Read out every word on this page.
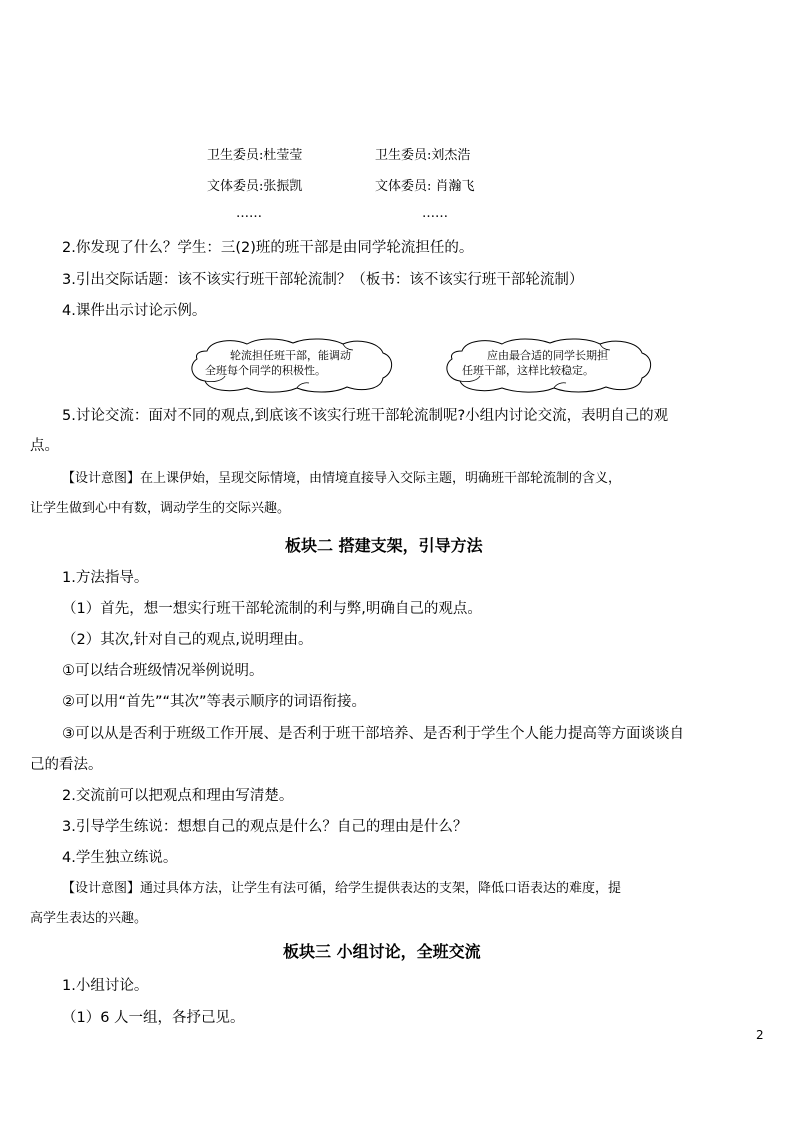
卫生委员:杜莹莹	卫生委员:刘杰浩
文体委员:张振凯	文体委员: 肖瀚飞
……	……
2.你发现了什么？学生：三(2)班的班干部是由同学轮流担任的。
3.引出交际话题：该不该实行班干部轮流制？（板书：该不该实行班干部轮流制）
4.课件出示讨论示例。
轮流担任班干部，能调动
全班每个同学的积极性。
应由最合适的同学长期担
任班干部，这样比较稳定。
5.讨论交流：面对不同的观点,到底该不该实行班干部轮流制呢?小组内讨论交流，表明自己的观
点。
【设计意图】在上课伊始，呈现交际情境，由情境直接导入交际主题，明确班干部轮流制的含义，
让学生做到心中有数，调动学生的交际兴趣。
板块二 搭建支架，引导方法
1.方法指导。
（1）首先，想一想实行班干部轮流制的利与弊,明确自己的观点。
（2）其次,针对自己的观点,说明理由。
①可以结合班级情况举例说明。
②可以用“首先”“其次”等表示顺序的词语衔接。
③可以从是否利于班级工作开展、是否利于班干部培养、是否利于学生个人能力提高等方面谈谈自
己的看法。
2.交流前可以把观点和理由写清楚。
3.引导学生练说：想想自己的观点是什么？自己的理由是什么？
4.学生独立练说。
【设计意图】通过具体方法，让学生有法可循，给学生提供表达的支架，降低口语表达的难度，提
高学生表达的兴趣。
板块三 小组讨论，全班交流
1.小组讨论。
（1）6 人一组，各抒己见。
2
